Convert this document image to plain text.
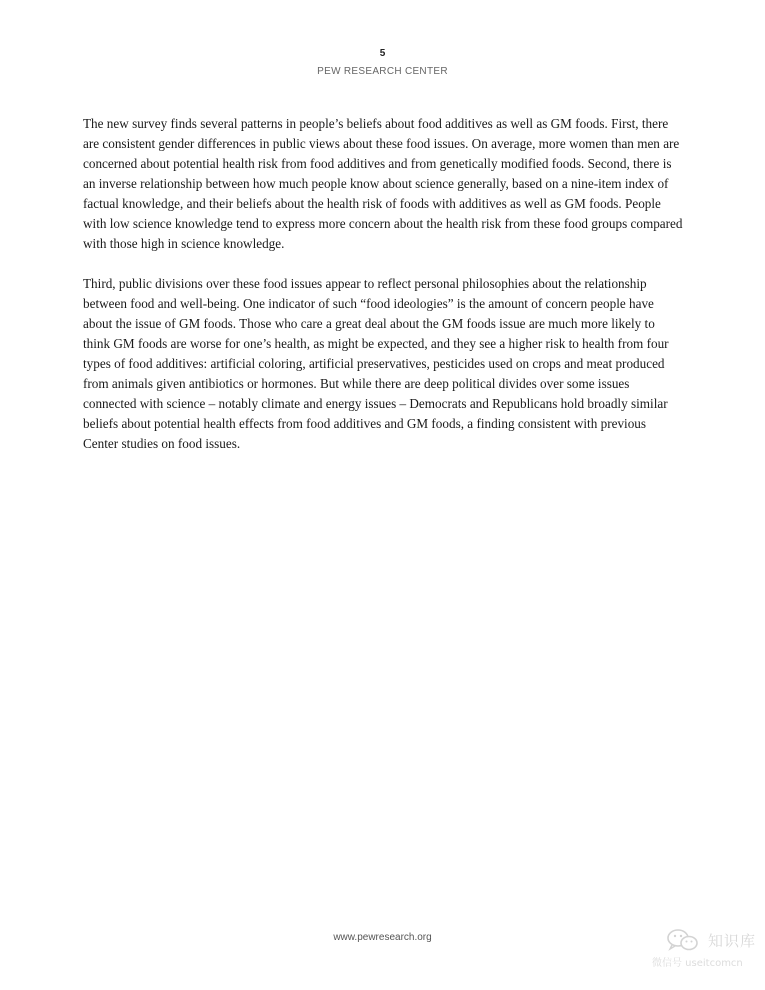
5
PEW RESEARCH CENTER

The new survey finds several patterns in people’s beliefs about food additives as well as GM foods. First, there are consistent gender differences in public views about these food issues. On average, more women than men are concerned about potential health risk from food additives and from genetically modified foods. Second, there is an inverse relationship between how much people know about science generally, based on a nine-item index of factual knowledge, and their beliefs about the health risk of foods with additives as well as GM foods. People with low science knowledge tend to express more concern about the health risk from these food groups compared with those high in science knowledge.

Third, public divisions over these food issues appear to reflect personal philosophies about the relationship between food and well-being. One indicator of such “food ideologies” is the amount of concern people have about the issue of GM foods. Those who care a great deal about the GM foods issue are much more likely to think GM foods are worse for one’s health, as might be expected, and they see a higher risk to health from four types of food additives: artificial coloring, artificial preservatives, pesticides used on crops and meat produced from animals given antibiotics or hormones. But while there are deep political divides over some issues connected with science – notably climate and energy issues – Democrats and Republicans hold broadly similar beliefs about potential health effects from food additives and GM foods, a finding consistent with previous Center studies on food issues.

www.pewresearch.org	知识库
微信号 useitcomcn
